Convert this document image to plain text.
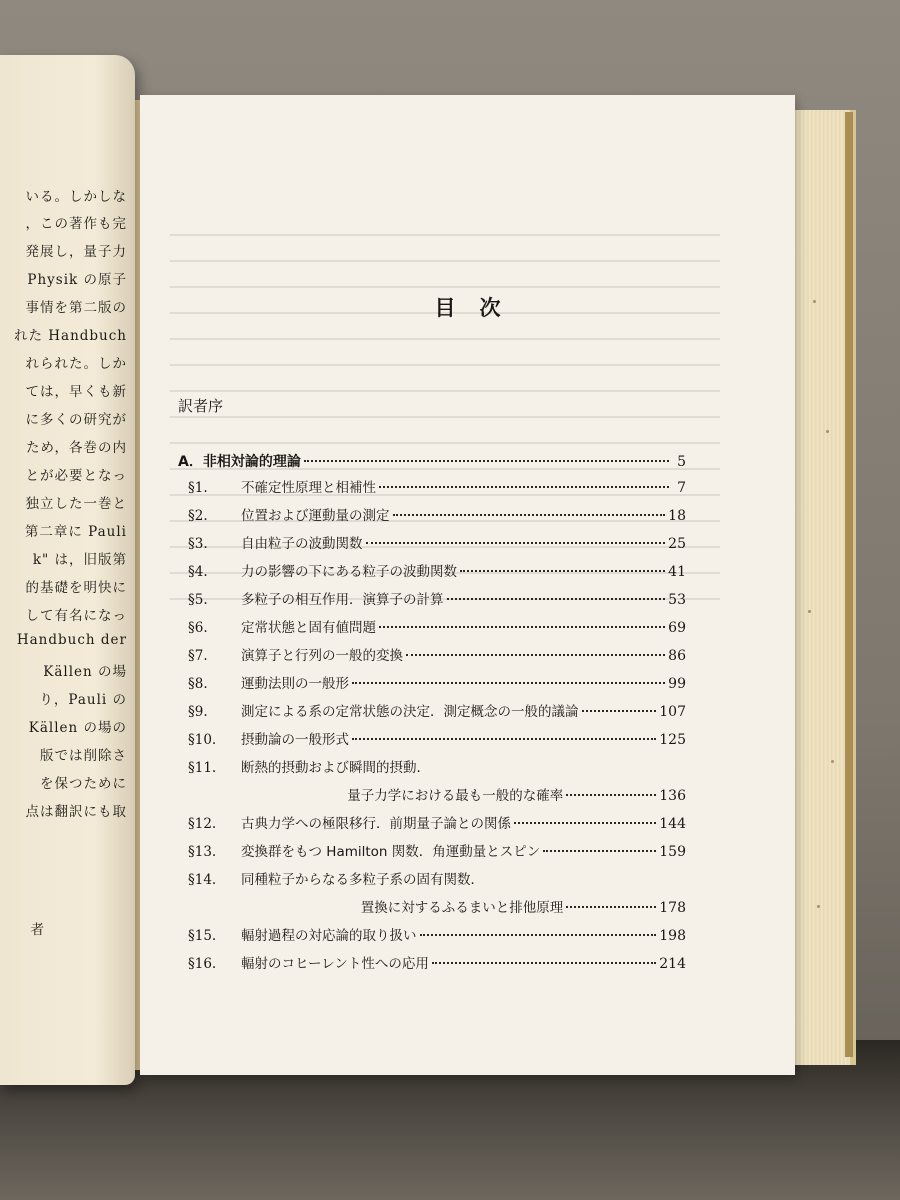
いる。しかしな
，この著作も完
発展し，量子力
Physik の原子
事情を第二版の
れた Handbuch
れられた。しか
ては，早くも新
に多くの研究が
ため，各巻の内
とが必要となっ
独立した一巻と
第二章に Pauli
k" は，旧版第
的基礎を明快に
して有名になっ
Handbuch der
Källen の場
り，Pauli の
Källen の場の
版では削除さ
を保つために
点は翻訳にも取
者
目次
訳者序
A．非相対論的理論	5
§1.	不確定性原理と相補性	7
§2.	位置および運動量の測定	18
§3.	自由粒子の波動関数	25
§4.	力の影響の下にある粒子の波動関数	41
§5.	多粒子の相互作用．演算子の計算	53
§6.	定常状態と固有値問題	69
§7.	演算子と行列の一般的変換	86
§8.	運動法則の一般形	99
§9.	測定による系の定常状態の決定．測定概念の一般的議論	107
§10.	摂動論の一般形式	125
§11.	断熱的摂動および瞬間的摂動．
量子力学における最も一般的な確率	136
§12.	古典力学への極限移行．前期量子論との関係	144
§13.	変換群をもつ Hamilton 関数．角運動量とスピン	159
§14.	同種粒子からなる多粒子系の固有関数．
置換に対するふるまいと排他原理	178
§15.	輻射過程の対応論的取り扱い	198
§16.	輻射のコヒーレント性への応用	214
